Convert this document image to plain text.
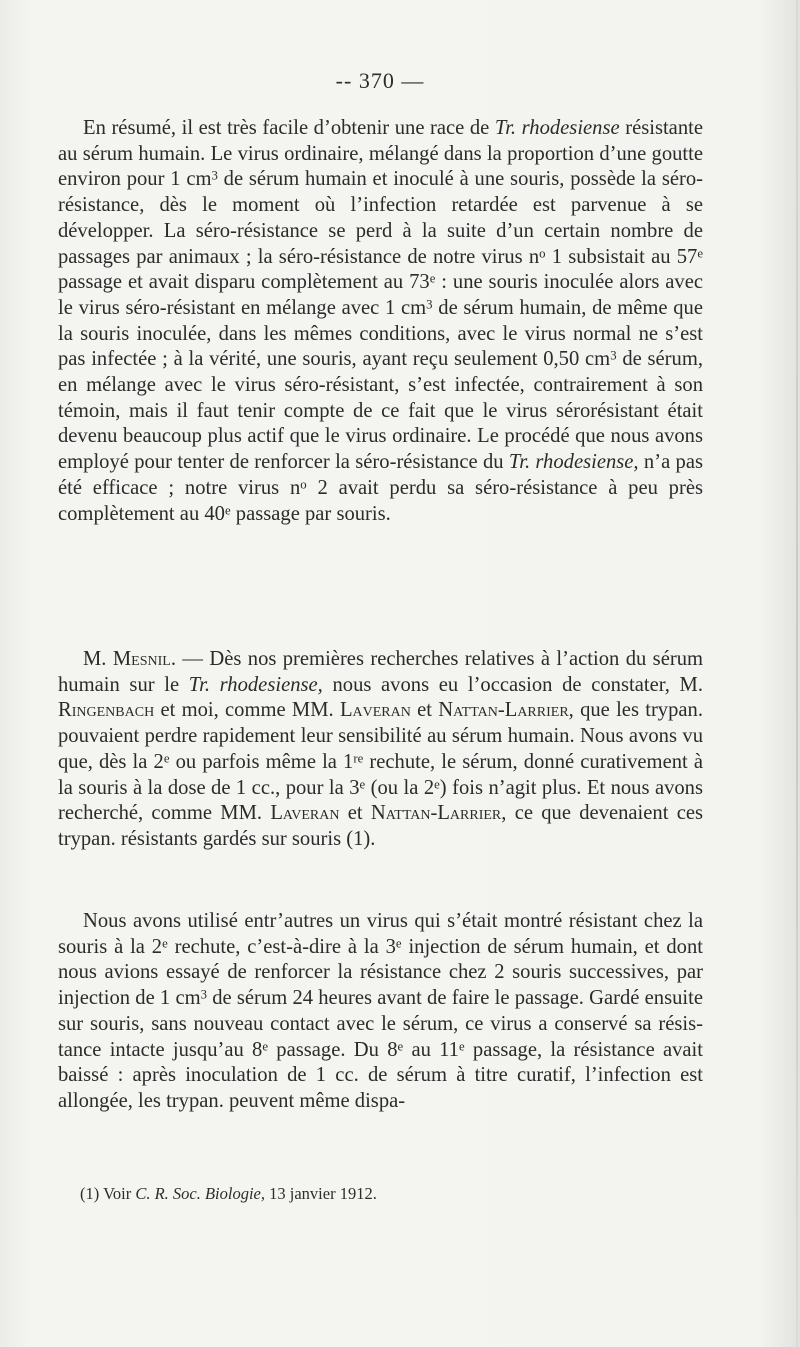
-- 370 —

En résumé, il est très facile d’obtenir une race de Tr. rhodesiense résistante au sérum humain. Le virus ordinaire, mélangé dans la proportion d’une goutte environ pour 1 $cm^3$ de sérum humain et inoculé à une souris, possède la séro-résistance, dès le moment où l’infection retardée est parvenue à se développer. La séro-résistance se perd à la suite d’un certain nombre de passages par animaux ; la séro-résistance de notre virus $n^o$ 1 subsistait au 57e passage et avait disparu complètement au 73e : une souris inoculée alors avec le virus séro-résistant en mélange avec 1 $cm^3$ de sérum humain, de même que la souris inoculée, dans les mêmes conditions, avec le virus normal ne s’est pas infectée ; à la vérité, une souris, ayant reçu seulement 0,50 $cm^3$ de sérum, en mélange avec le virus séro-résistant, s’est infectée, contrairement à son témoin, mais il faut tenir compte de ce fait que le virus sérorésistant était devenu beaucoup plus actif que le virus ordinaire. Le procédé que nous avons employé pour tenter de renforcer la séro-résistance du Tr. rhodesiense, n’a pas été efficace ; notre virus $n^o$ 2 avait perdu sa séro-résistance à peu près complètement au 40e passage par souris.

M. Mesnil. — Dès nos premières recherches relatives à l’action du sérum humain sur le Tr. rhodesiense, nous avons eu l’occasion de constater, M. Ringenbach et moi, comme MM. Laveran et Nattan-Larrier, que les trypan. pouvaient perdre rapidement leur sensibilité au sérum humain. Nous avons vu que, dès la 2e ou parfois même la 1re rechute, le sérum, donné curativement à la souris à la dose de 1 cc., pour la 3e (ou la 2e) fois n’agit plus. Et nous avons recherché, comme MM. Laveran et Nattan-Larrier, ce que devenaient ces trypan. résistants gardés sur souris (1).

Nous avons utilisé entr’autres un virus qui s’était montré résistant chez la souris à la 2e rechute, c’est-à-dire à la 3e injection de sérum humain, et dont nous avions essayé de renforcer la résistance chez 2 souris successives, par injection de 1 $cm^3$ de sérum 24 heures avant de faire le passage. Gardé ensuite sur souris, sans nouveau contact avec le sérum, ce virus a conservé sa résistance intacte jusqu’au 8e passage. Du 8e au 11e passage, la résistance avait baissé : après inoculation de 1 cc. de sérum à titre curatif, l’infection est allongée, les trypan. peuvent même dispa-

(1) Voir C. R. Soc. Biologie, 13 janvier 1912.
